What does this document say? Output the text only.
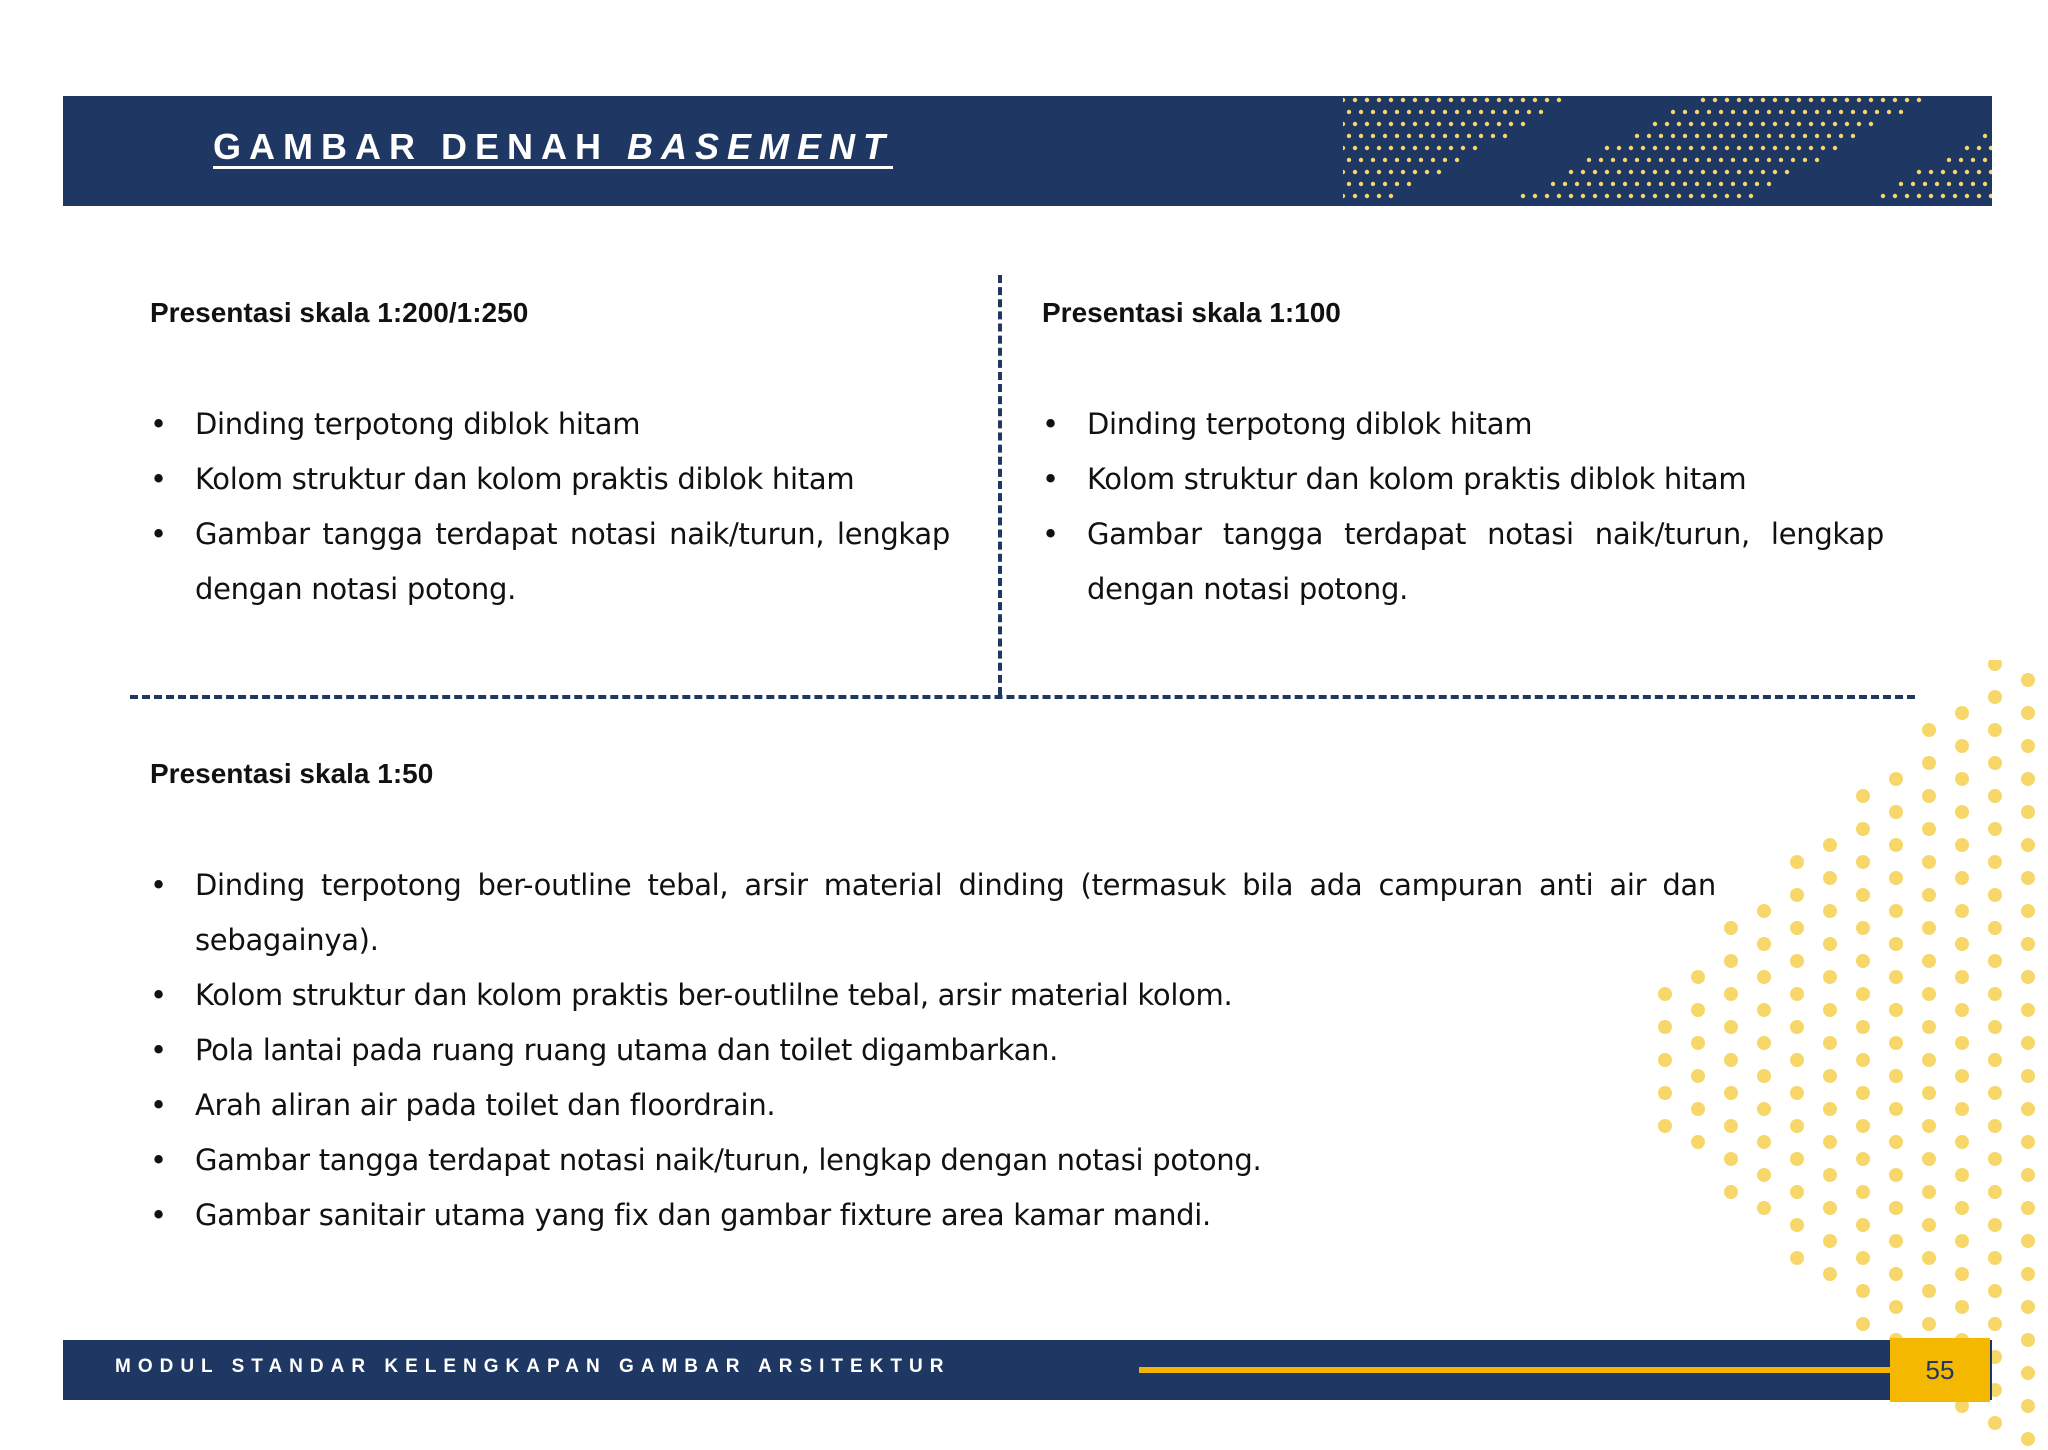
GAMBAR DENAH BASEMENT
Presentasi skala 1:200/1:250
• Dinding terpotong diblok hitam
• Kolom struktur dan kolom praktis diblok hitam
• Gambar tangga terdapat notasi naik/turun, lengkap dengan notasi potong.
Presentasi skala 1:100
• Dinding terpotong diblok hitam
• Kolom struktur dan kolom praktis diblok hitam
• Gambar tangga terdapat notasi naik/turun, lengkap dengan notasi potong.
Presentasi skala 1:50
• Dinding terpotong ber-outline tebal, arsir material dinding (termasuk bila ada campuran anti air dan sebagainya).
• Kolom struktur dan kolom praktis ber-outlilne tebal, arsir material kolom.
• Pola lantai pada ruang ruang utama dan toilet digambarkan.
• Arah aliran air pada toilet dan floordrain.
• Gambar tangga terdapat notasi naik/turun, lengkap dengan notasi potong.
• Gambar sanitair utama yang fix dan gambar fixture area kamar mandi.
MODUL STANDAR KELENGKAPAN GAMBAR ARSITEKTUR	55
